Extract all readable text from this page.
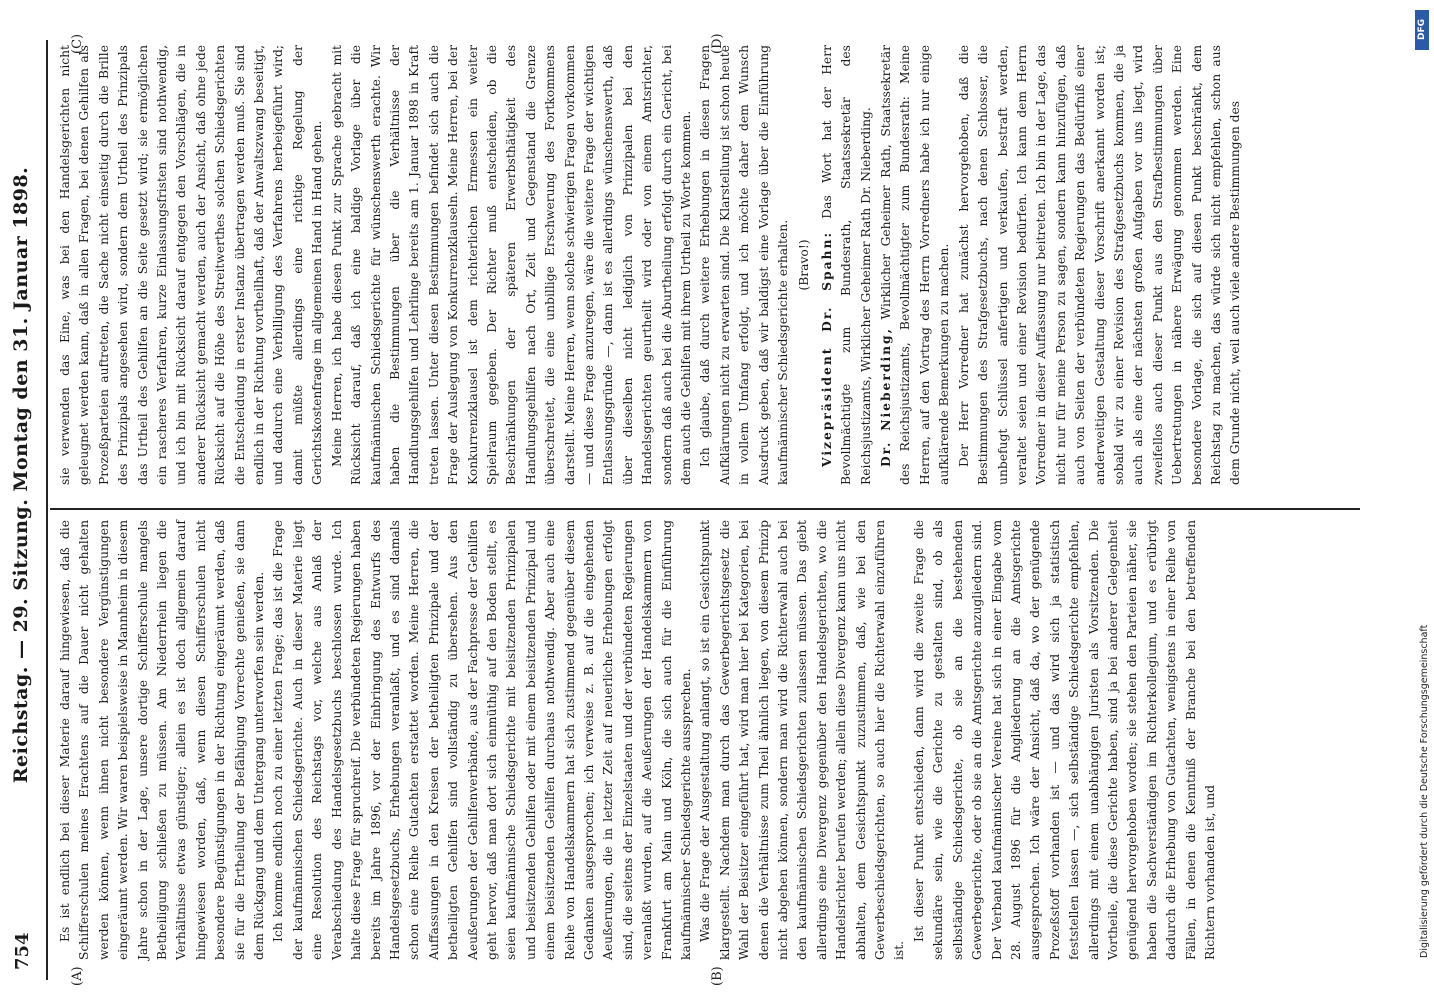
754
Reichstag. — 29. Sitzung. Montag den 31. Januar 1898.
(A)	(B)
(C)	(D)

Es ist endlich bei dieser Materie darauf hingewiesen, daß die Schifferschulen meines Erachtens auf die Dauer nicht gehalten werden können, wenn ihnen nicht besondere Vergünstigungen eingeräumt werden. Wir waren beispielsweise in Mannheim in diesem Jahre schon in der Lage, unsere dortige Schifferschule mangels Betheiligung schließen zu müssen. Am Niederrhein liegen die Verhältnisse etwas günstiger; allein es ist doch allgemein darauf hingewiesen worden, daß, wenn diesen Schifferschulen nicht besondere Begünstigungen in der Richtung eingeräumt werden, daß sie für die Ertheilung der Befähigung Vorrechte genießen, sie dann dem Rückgang und dem Untergang unterworfen sein werden. Ich komme endlich noch zu einer letzten Frage; das ist die Frage der kaufmännischen Schiedsgerichte. Auch in dieser Materie liegt eine Resolution des Reichstags vor, welche aus Anlaß der Verabschiedung des Handelsgesetzbuchs beschlossen wurde. Ich halte diese Frage für spruchreif. Die verbündeten Regierungen haben bereits im Jahre 1896, vor der Einbringung des Entwurfs des Handelsgesetzbuchs, Erhebungen veranlaßt, und es sind damals schon eine Reihe Gutachten erstattet worden. Meine Herren, die Auffassungen in den Kreisen der betheiligten Prinzipale und der betheiligten Gehilfen sind vollständig zu übersehen. Aus den Aeußerungen der Gehilfenverbände, aus der Fachpresse der Gehilfen geht hervor, daß man dort sich einmüthig auf den Boden stellt, es seien kaufmännische Schiedsgerichte mit beisitzenden Prinzipalen und beisitzenden Gehilfen oder mit einem beisitzenden Prinzipal und einem beisitzenden Gehilfen durchaus nothwendig. Aber auch eine Reihe von Handelskammern hat sich zustimmend gegenüber diesem Gedanken ausgesprochen; ich verweise z. B. auf die eingehenden Aeußerungen, die in letzter Zeit auf neuerliche Erhebungen erfolgt sind, die seitens der Einzelstaaten und der verbündeten Regierungen veranlaßt wurden, auf die Aeußerungen der Handelskammern von Frankfurt am Main und Köln, die sich auch für die Einführung kaufmännischer Schiedsgerichte aussprechen. Was die Frage der Ausgestaltung anlangt, so ist ein Gesichtspunkt klargestellt. Nachdem man durch das Gewerbegerichtsgesetz die Wahl der Beisitzer eingeführt hat, wird man hier bei Kategorien, bei denen die Verhältnisse zum Theil ähnlich liegen, von diesem Prinzip nicht abgehen können, sondern man wird die Richterwahl auch bei den kaufmännischen Schiedsgerichten zulassen müssen. Das giebt allerdings eine Divergenz gegenüber den Handelsgerichten, wo die Handelsrichter berufen werden; allein diese Divergenz kann uns nicht abhalten, dem Gesichtspunkt zuzustimmen, daß, wie bei den Gewerbeschiedsgerichten, so auch hier die Richterwahl einzuführen ist.

Ist dieser Punkt entschieden, dann wird die zweite Frage die sekundäre sein, wie die Gerichte zu gestalten sind, ob als selbständige Schiedsgerichte, ob sie an die bestehenden Gewerbegerichte, oder ob sie an die Amtsgerichte anzugliedern sind. Der Verband kaufmännischer Vereine hat sich in einer Eingabe vom 28. August 1896 für die Angliederung an die Amtsgerichte ausgesprochen. Ich wäre der Ansicht, daß da, wo der genügende Prozeßstoff vorhanden ist — und das wird sich ja statistisch feststellen lassen —, sich selbständige Schiedsgerichte empfehlen, allerdings mit einem unabhängigen Juristen als Vorsitzenden. Die Vortheile, die diese Gerichte haben, sind ja bei anderer Gelegenheit genügend hervorgehoben worden; sie stehen den Parteien näher, sie haben die Sachverständigen im Richterkollegium, und es erübrigt dadurch die Erhebung von Gutachten, wenigstens in einer Reihe von Fällen, in denen die Kenntniß der Branche bei den betreffenden Richtern vorhanden ist, und

sie verwenden das Eine, was bei den Handelsgerichten nicht geleugnet werden kann, daß in allen Fragen, bei denen Gehilfen als Prozeßparteien auftreten, die Sache nicht einseitig durch die Brille des Prinzipals angesehen wird, sondern dem Urtheil des Prinzipals das Urtheil des Gehilfen an die Seite gesetzt wird; sie ermöglichen ein rascheres Verfahren, kurze Einlassungsfristen sind nothwendig, und ich bin mit Rücksicht darauf entgegen den Vorschlägen, die in anderer Rücksicht gemacht werden, auch der Ansicht, daß ohne jede Rücksicht auf die Höhe des Streitwerthes solchen Schiedsgerichten die Entscheidung in erster Instanz übertragen werden muß. Sie sind endlich in der Richtung vortheilhaft, daß der Anwaltszwang beseitigt, und dadurch eine Verbilligung des Verfahrens herbeigeführt wird; damit müßte allerdings eine richtige Regelung der Gerichtskostenfrage im allgemeinen Hand in Hand gehen. Meine Herren, ich habe diesen Punkt zur Sprache gebracht mit Rücksicht darauf, daß ich eine baldige Vorlage über die kaufmännischen Schiedsgerichte für wünschenswerth erachte. Wir haben die Bestimmungen über die Verhältnisse der Handlungsgehilfen und Lehrlinge bereits am 1. Januar 1898 in Kraft treten lassen. Unter diesen Bestimmungen befindet sich auch die Frage der Auslegung von Konkurrenzklauseln. Meine Herren, bei der Konkurrenzklausel ist dem richterlichen Ermessen ein weiter Spielraum gegeben. Der Richter muß entscheiden, ob die Beschränkungen der späteren Erwerbsthätigkeit des Handlungsgehilfen nach Ort, Zeit und Gegenstand die Grenze überschreitet, die eine unbillige Erschwerung des Fortkommens darstellt. Meine Herren, wenn solche schwierigen Fragen vorkommen — und diese Frage anzuregen, wäre die weitere Frage der wichtigen Entlassungsgründe —, dann ist es allerdings wünschenswerth, daß über dieselben nicht lediglich von Prinzipalen bei den Handelsgerichten geurtheilt wird oder von einem Amtsrichter, sondern daß auch bei die Aburtheilung erfolgt durch ein Gericht, bei dem auch die Gehilfen mit ihrem Urtheil zu Worte kommen. Ich glaube, daß durch weitere Erhebungen in diesen Fragen Aufklärungen nicht zu erwarten sind. Die Klarstellung ist schon heute in vollem Umfang erfolgt, und ich möchte daher dem Wunsch Ausdruck geben, daß wir baldigst eine Vorlage über die Einführung kaufmännischer Schiedsgerichte erhalten. (Bravo!) Vizepräsident Dr. Spahn: Das Wort hat der Herr Bevollmächtigte zum Bundesrath, Staatssekretär des Reichsjustizamts, Wirklicher Geheimer Rath Dr. Nieberding. Dr. Nieberding, Wirklicher Geheimer Rath, Staatssekretär des Reichsjustizamts, Bevollmächtigter zum Bundesrath: Meine Herren, auf den Vortrag des Herrn Vorredners habe ich nur einige aufklärende Bemerkungen zu machen. Der Herr Vorredner hat zunächst hervorgehoben, daß die Bestimmungen des Strafgesetzbuchs, nach denen Schlosser, die unbefugt Schlüssel anfertigen und verkaufen, bestraft werden, veraltet seien und einer Revision bedürfen. Ich kann dem Herrn Vorredner in dieser Auffassung nur beitreten. Ich bin in der Lage, das nicht nur für meine Person zu sagen, sondern kann hinzufügen, daß auch von Seiten der verbündeten Regierungen das Bedürfniß einer anderweitigen Gestaltung dieser Vorschrift anerkannt worden ist; sobald wir zu einer Revision des Strafgesetzbuchs kommen, die ja auch als eine der nächsten großen Aufgaben vor uns liegt, wird zweifellos auch dieser Punkt aus den Strafbestimmungen über Uebertretungen in nähere Erwägung genommen werden. Eine besondere Vorlage, die sich auf diesen Punkt beschränkt, dem Reichstag zu machen, das würde sich nicht empfehlen, schon aus dem Grunde nicht, weil auch viele andere Bestimmungen des

DFG
Digitalisierung gefördert durch die Deutsche Forschungsgemeinschaft
